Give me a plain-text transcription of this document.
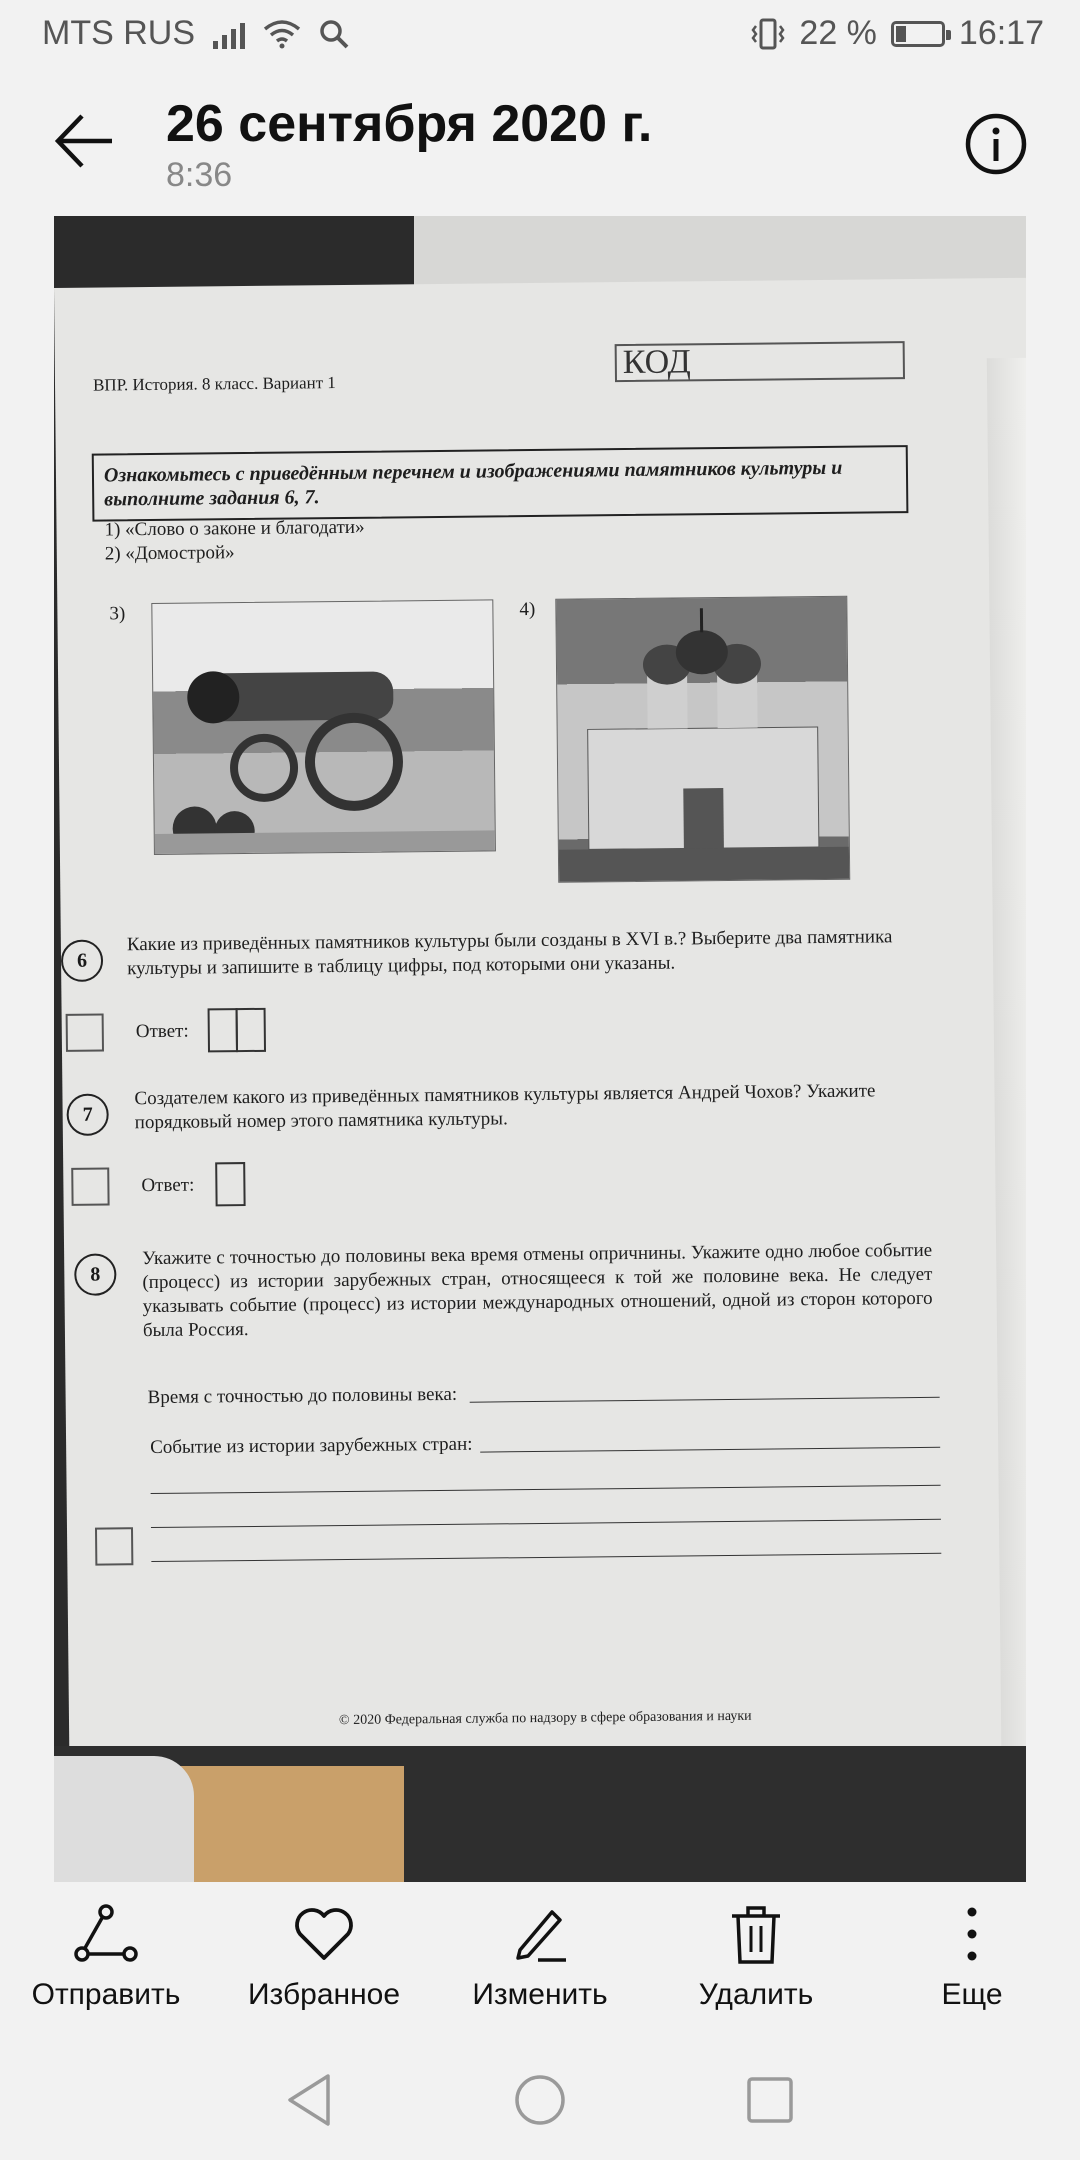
MTS RUS	22 % 16:17
26 сентября 2020 г.
8:36
ВПР. История. 8 класс. Вариант 1
КОД
Ознакомьтесь с приведённым перечнем и изображениями памятников культуры и выполните задания 6, 7.
1) «Слово о законе и благодати»
2) «Домострой»
3)	4)
6
Какие из приведённых памятников культуры были созданы в XVI в.? Выберите два памятника культуры и запишите в таблицу цифры, под которыми они указаны.
Ответ:
7
Создателем какого из приведённых памятников культуры является Андрей Чохов? Укажите порядковый номер этого памятника культуры.
Ответ:
8
Укажите с точностью до половины века время отмены опричнины. Укажите одно любое событие (процесс) из истории зарубежных стран, относящееся к той же половине века. Не следует указывать событие (процесс) из истории международных отношений, одной из сторон которого была Россия.
Время с точностью до половины века:
Событие из истории зарубежных стран:
© 2020 Федеральная служба по надзору в сфере образования и науки
Отправить	Избранное	Изменить	Удалить	Еще
